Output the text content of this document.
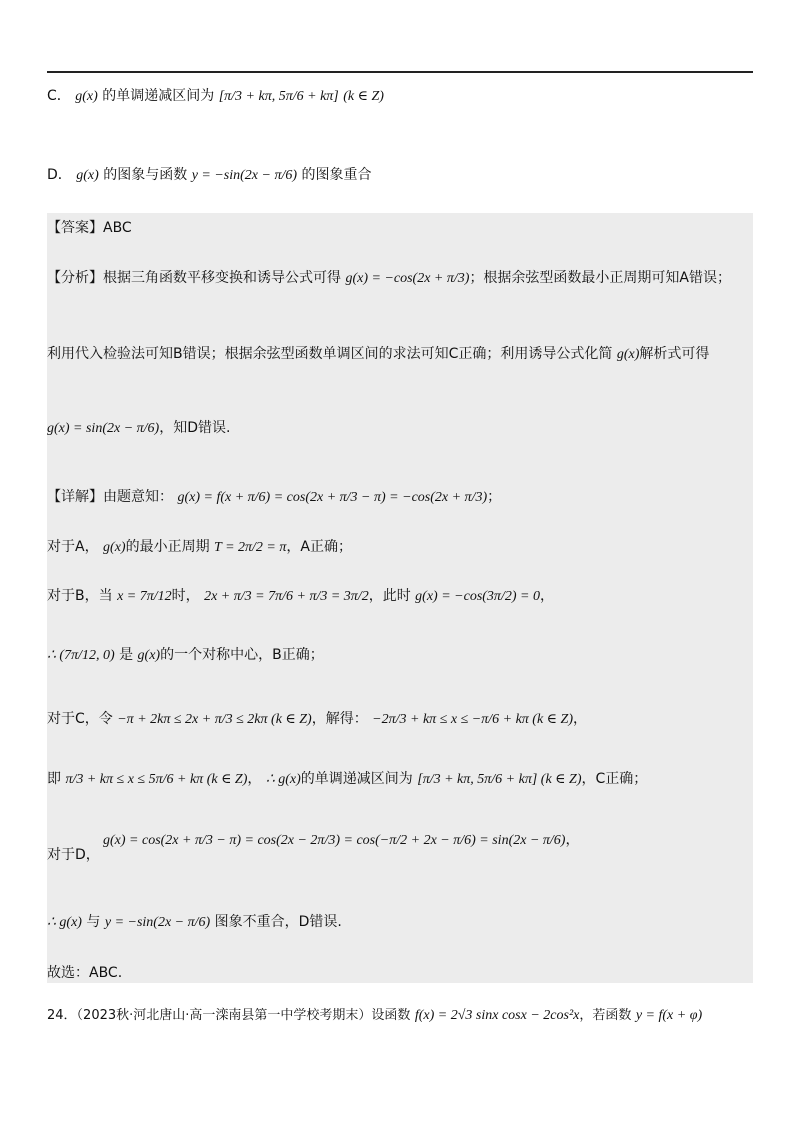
C． g(x) 的单调递减区间为 [π/3 + kπ, 5π/6 + kπ] (k ∈ Z)
D． g(x) 的图象与函数 y = −sin(2x − π/6) 的图象重合
【答案】ABC
【分析】根据三角函数平移变换和诱导公式可得 g(x) = −cos(2x + π/3)；根据余弦型函数最小正周期可知A错误；
利用代入检验法可知B错误；根据余弦型函数单调区间的求法可知C正确；利用诱导公式化简 g(x)解析式可得
g(x) = sin(2x − π/6)，知D错误.
【详解】由题意知： g(x) = f(x + π/6) = cos(2x + π/3 − π) = −cos(2x + π/3)；
对于A， g(x)的最小正周期 T = 2π/2 = π，A正确；
对于B，当 x = 7π/12时， 2x + π/3 = 7π/6 + π/3 = 3π/2，此时 g(x) = −cos(3π/2) = 0，
∴ (7π/12, 0) 是 g(x)的一个对称中心，B正确；
对于C，令 −π + 2kπ ≤ 2x + π/3 ≤ 2kπ (k ∈ Z)，解得： −2π/3 + kπ ≤ x ≤ −π/6 + kπ (k ∈ Z)，
即 π/3 + kπ ≤ x ≤ 5π/6 + kπ (k ∈ Z)， ∴ g(x)的单调递减区间为 [π/3 + kπ, 5π/6 + kπ] (k ∈ Z)，C正确；
g(x) = cos(2x + π/3 − π) = cos(2x − 2π/3) = cos(−π/2 + 2x − π/6) = sin(2x − π/6)，
对于D，
∴ g(x) 与 y = −sin(2x − π/6) 图象不重合，D错误.
故选：ABC.
24．（2023秋·河北唐山·高一滦南县第一中学校考期末）设函数 f(x) = 2√3 sinx cosx − 2cos²x，若函数 y = f(x + φ)
